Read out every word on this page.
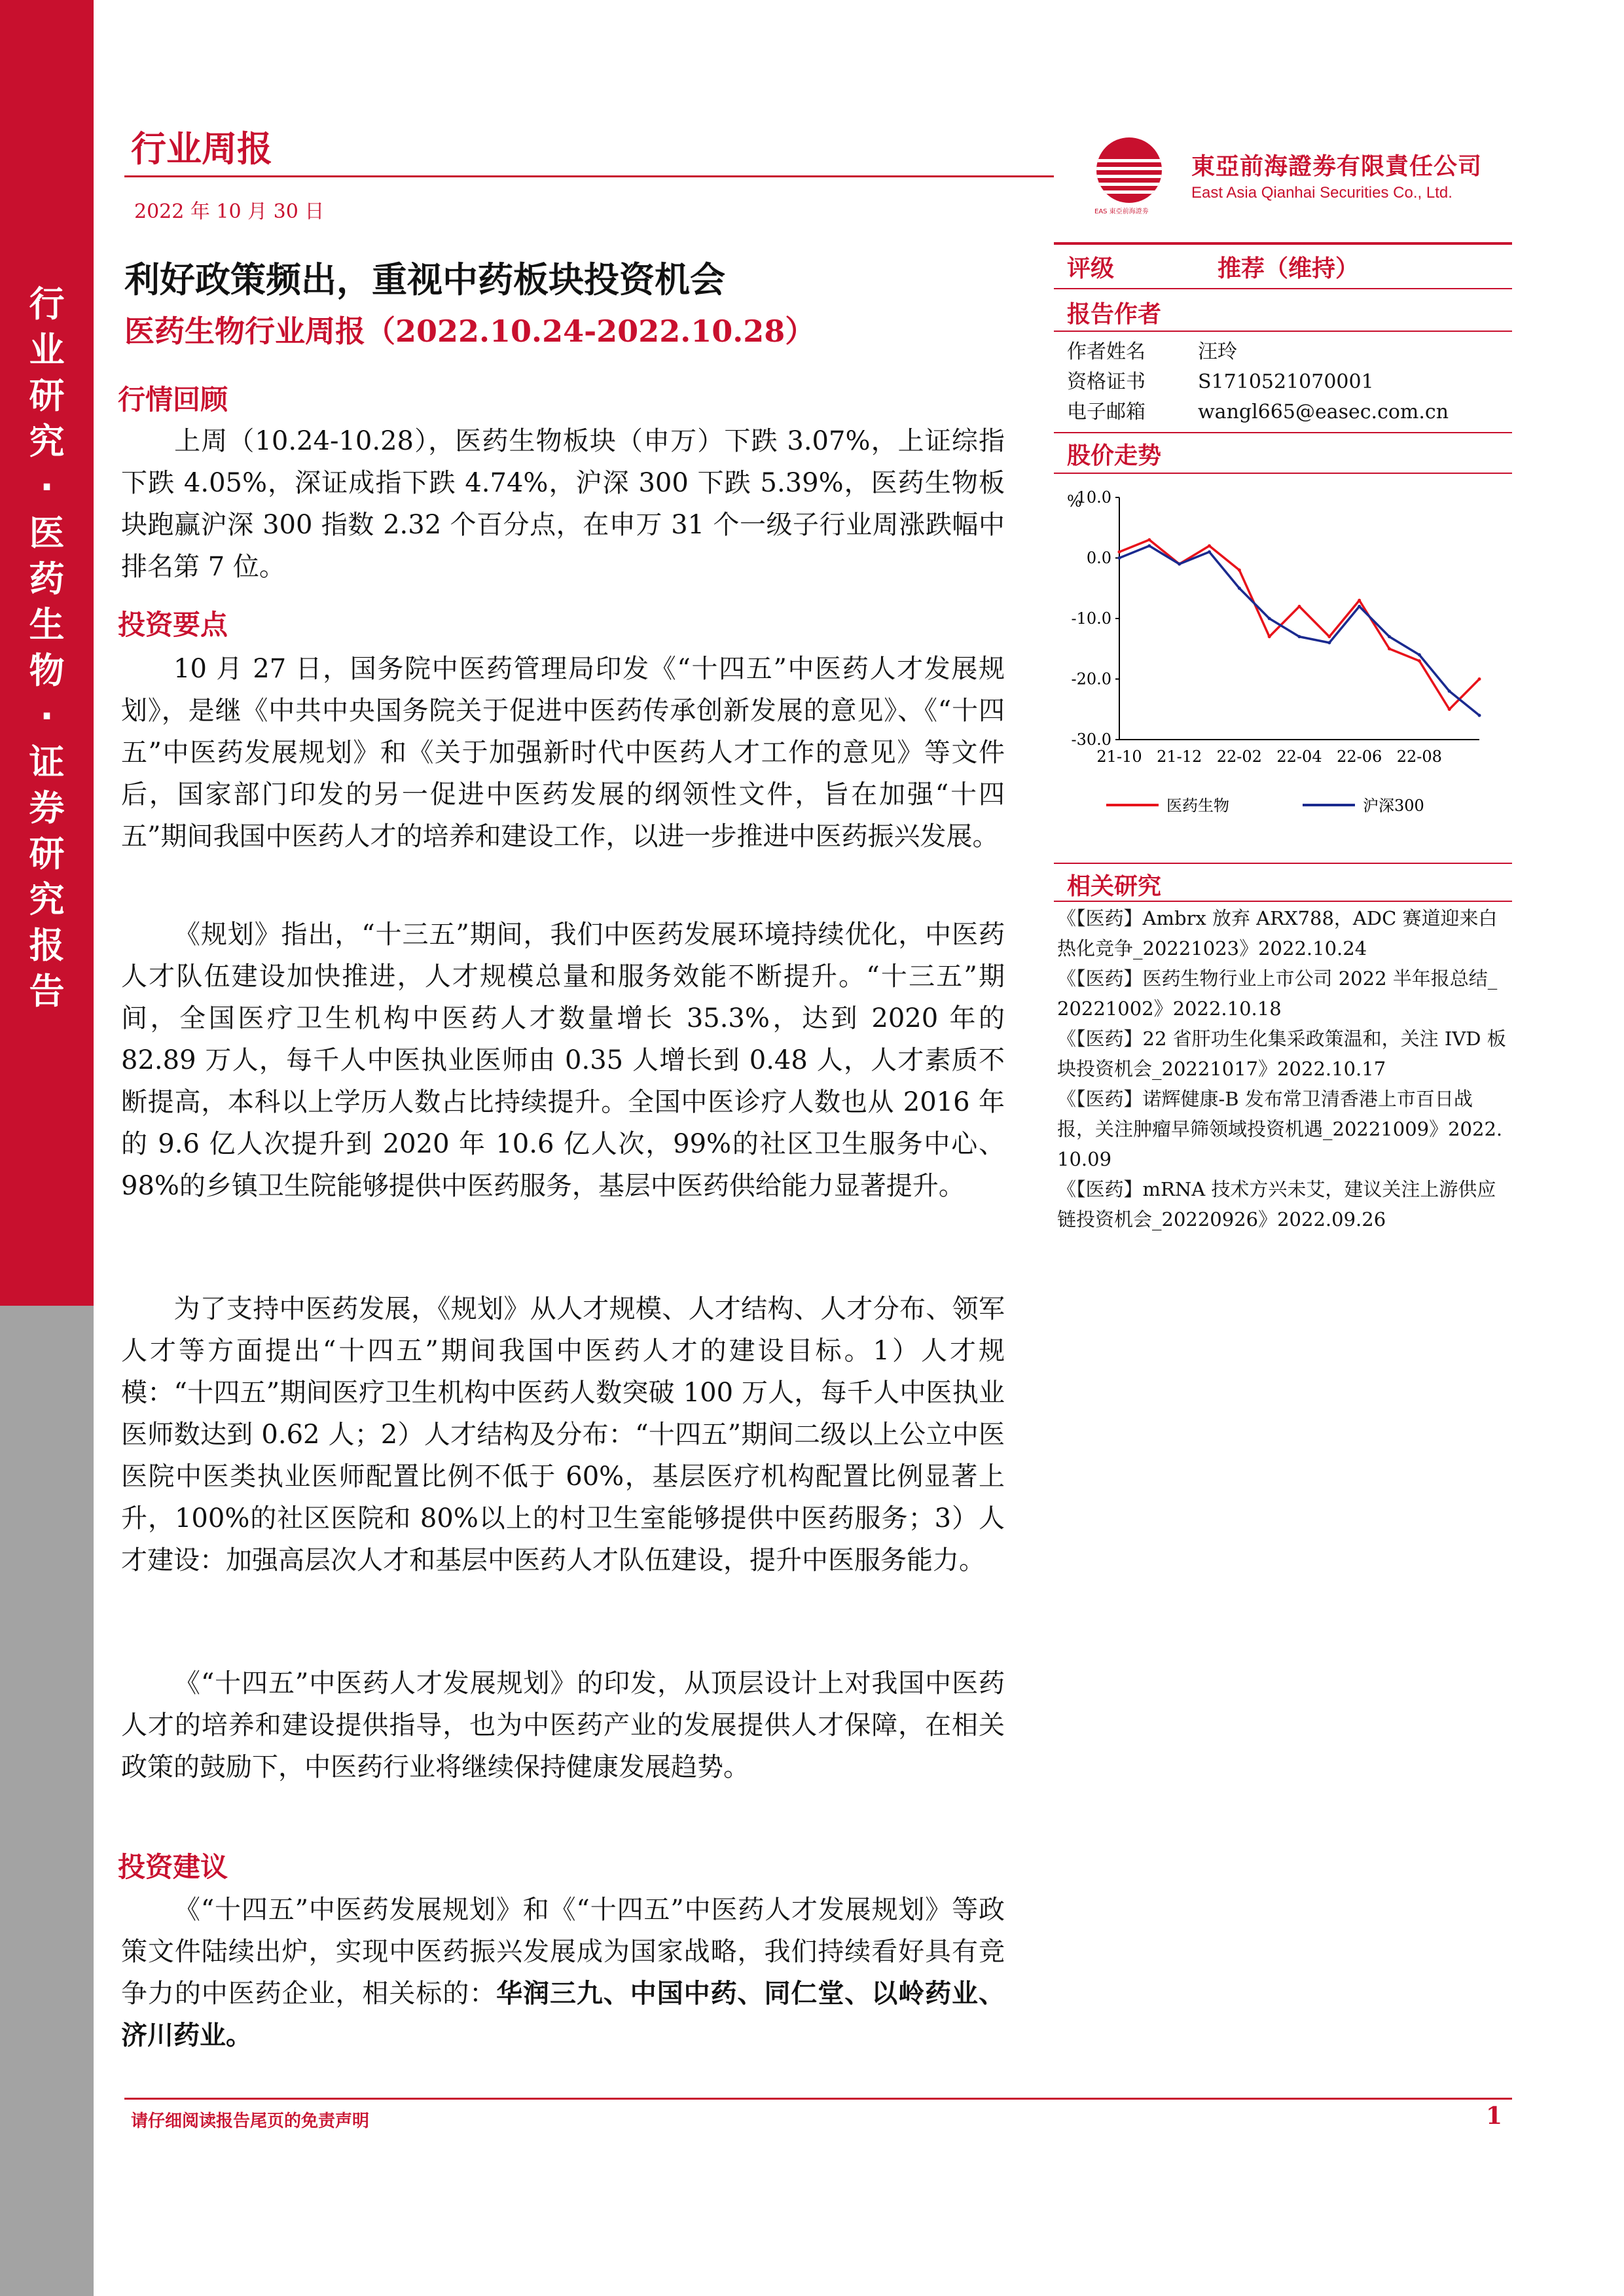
行
业
研
究
·
医
药
生
物
·
证
券
研
究
报
告
行业周报
2022 年 10 月 30 日	EAS 東亞前海證劵
東亞前海證劵有限責任公司
East Asia Qianhai Securities Co., Ltd.
利好政策频出，重视中药板块投资机会
医药生物行业周报（2022.10.24-2022.10.28）
行情回顾

上周（10.24-10.28），医药生物板块（申万）下跌 3.07%，上证综指下跌 4.05%，深证成指下跌 4.74%，沪深 300 下跌 5.39%，医药生物板块跑赢沪深 300 指数 2.32 个百分点，在申万 31 个一级子行业周涨跌幅中排名第 7 位。

投资要点

10 月 27 日，国务院中医药管理局印发《“十四五”中医药人才发展规划》，是继《中共中央国务院关于促进中医药传承创新发展的意见》、《“十四五”中医药发展规划》和《关于加强新时代中医药人才工作的意见》等文件后，国家部门印发的另一促进中医药发展的纲领性文件，旨在加强“十四五”期间我国中医药人才的培养和建设工作，以进一步推进中医药振兴发展。

《规划》指出，“十三五”期间，我们中医药发展环境持续优化，中医药人才队伍建设加快推进，人才规模总量和服务效能不断提升。“十三五”期间，全国医疗卫生机构中医药人才数量增长 35.3%，达到 2020 年的 82.89 万人，每千人中医执业医师由 0.35 人增长到 0.48 人，人才素质不断提高，本科以上学历人数占比持续提升。全国中医诊疗人数也从 2016 年的 9.6 亿人次提升到 2020 年 10.6 亿人次，99%的社区卫生服务中心、98%的乡镇卫生院能够提供中医药服务，基层中医药供给能力显著提升。

为了支持中医药发展，《规划》从人才规模、人才结构、人才分布、领军人才等方面提出“十四五”期间我国中医药人才的建设目标。1）人才规模：“十四五”期间医疗卫生机构中医药人数突破 100 万人，每千人中医执业医师数达到 0.62 人；2）人才结构及分布：“十四五”期间二级以上公立中医医院中医类执业医师配置比例不低于 60%，基层医疗机构配置比例显著上升，100%的社区医院和 80%以上的村卫生室能够提供中医药服务；3）人才建设：加强高层次人才和基层中医药人才队伍建设，提升中医服务能力。

《“十四五”中医药人才发展规划》的印发，从顶层设计上对我国中医药人才的培养和建设提供指导，也为中医药产业的发展提供人才保障，在相关政策的鼓励下，中医药行业将继续保持健康发展趋势。

投资建议

《“十四五”中医药发展规划》和《“十四五”中医药人才发展规划》等政策文件陆续出炉，实现中医药振兴发展成为国家战略，我们持续看好具有竞争力的中医药企业，相关标的：华润三九、中国中药、同仁堂、以岭药业、济川药业。

评级	推荐（维持）
报告作者
作者姓名	汪玲
资格证书	S1710521070001
电子邮箱	wangl665@easec.com.cn
股价走势
%
10.0
0.0
-10.0
-20.0
-30.0
21-10 21-12 22-02 22-04 22-06 22-08
医药生物	沪深300
相关研究
《【医药】Ambrx 放弃 ARX788，ADC 赛道迎来白热化竞争_20221023》2022.10.24
《【医药】医药生物行业上市公司 2022 半年报总结_20221002》2022.10.18
《【医药】22 省肝功生化集采政策温和，关注 IVD 板块投资机会_20221017》2022.10.17
《【医药】诺辉健康-B 发布常卫清香港上市百日战报，关注肿瘤早筛领域投资机遇_20221009》2022.10.09
《【医药】mRNA 技术方兴未艾，建议关注上游供应链投资机会_20220926》2022.09.26
请仔细阅读报告尾页的免责声明	1
